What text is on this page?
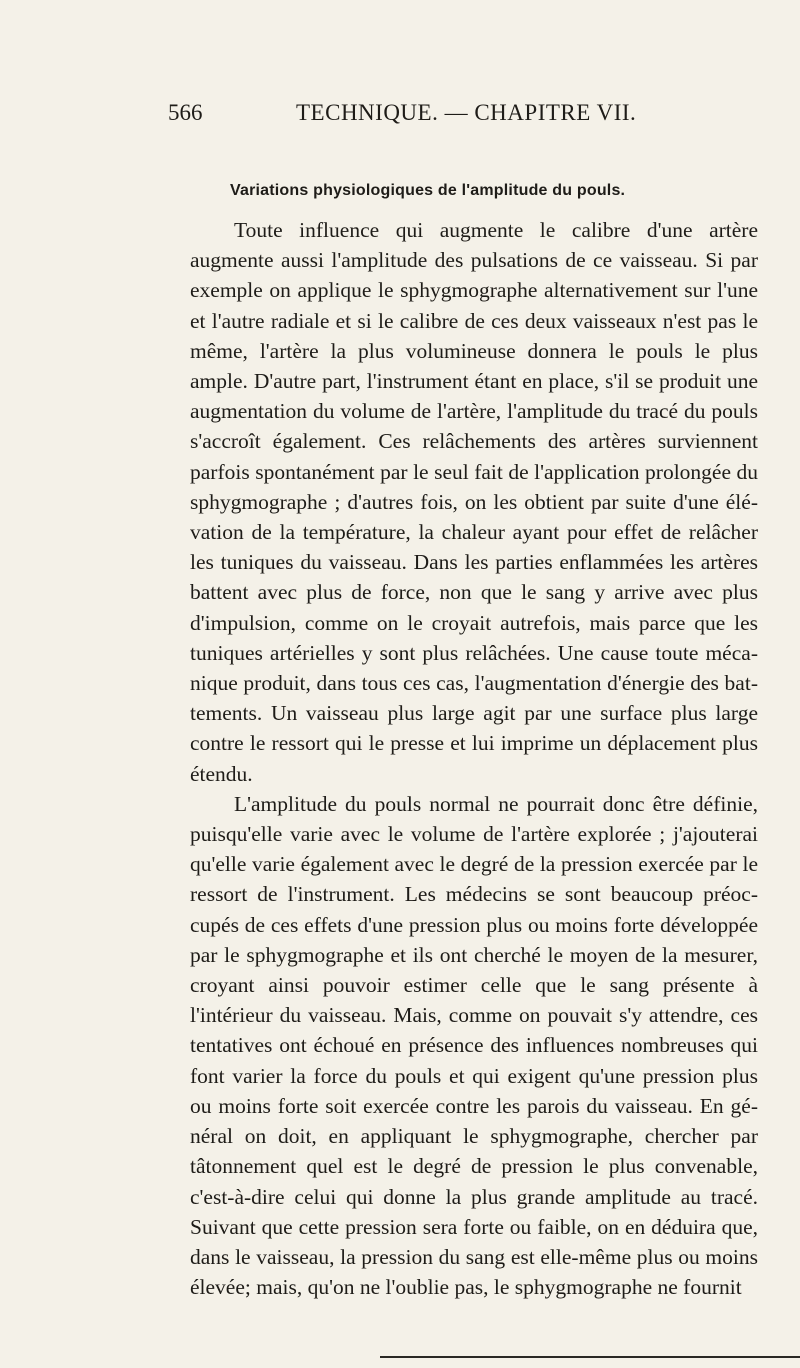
566	TECHNIQUE. — CHAPITRE VII.
Variations physiologiques de l'amplitude du pouls.

Toute influence qui augmente le calibre d'une artère augmente aussi l'amplitude des pulsations de ce vaisseau. Si par exemple on applique le sphygmographe alternativement sur l'une et l'autre radiale et si le calibre de ces deux vaisseaux n'est pas le même, l'artère la plus volumineuse donnera le pouls le plus ample. D'autre part, l'instrument étant en place, s'il se produit une augmentation du volume de l'artère, l'amplitude du tracé du pouls s'accroît également. Ces relâchements des artères surviennent parfois spontanément par le seul fait de l'application prolongée du sphygmographe ; d'autres fois, on les obtient par suite d'une élévation de la température, la chaleur ayant pour effet de relâcher les tuniques du vaisseau. Dans les parties enflammées les artères battent avec plus de force, non que le sang y arrive avec plus d'impulsion, comme on le croyait autrefois, mais parce que les tuniques artérielles y sont plus relâchées. Une cause toute mécanique produit, dans tous ces cas, l'augmentation d'énergie des battements. Un vaisseau plus large agit par une surface plus large contre le ressort qui le presse et lui imprime un déplacement plus étendu.

L'amplitude du pouls normal ne pourrait donc être définie, puisqu'elle varie avec le volume de l'artère explorée ; j'ajouterai qu'elle varie également avec le degré de la pression exercée par le ressort de l'instrument. Les médecins se sont beaucoup préoccupés de ces effets d'une pression plus ou moins forte développée par le sphygmographe et ils ont cherché le moyen de la mesurer, croyant ainsi pouvoir estimer celle que le sang présente à l'intérieur du vaisseau. Mais, comme on pouvait s'y attendre, ces tentatives ont échoué en présence des influences nombreuses qui font varier la force du pouls et qui exigent qu'une pression plus ou moins forte soit exercée contre les parois du vaisseau. En général on doit, en appliquant le sphygmographe, chercher par tâtonnement quel est le degré de pression le plus convenable, c'est-à-dire celui qui donne la plus grande amplitude au tracé. Suivant que cette pression sera forte ou faible, on en déduira que, dans le vaisseau, la pression du sang est elle-même plus ou moins élevée; mais, qu'on ne l'oublie pas, le sphygmographe ne fournit
